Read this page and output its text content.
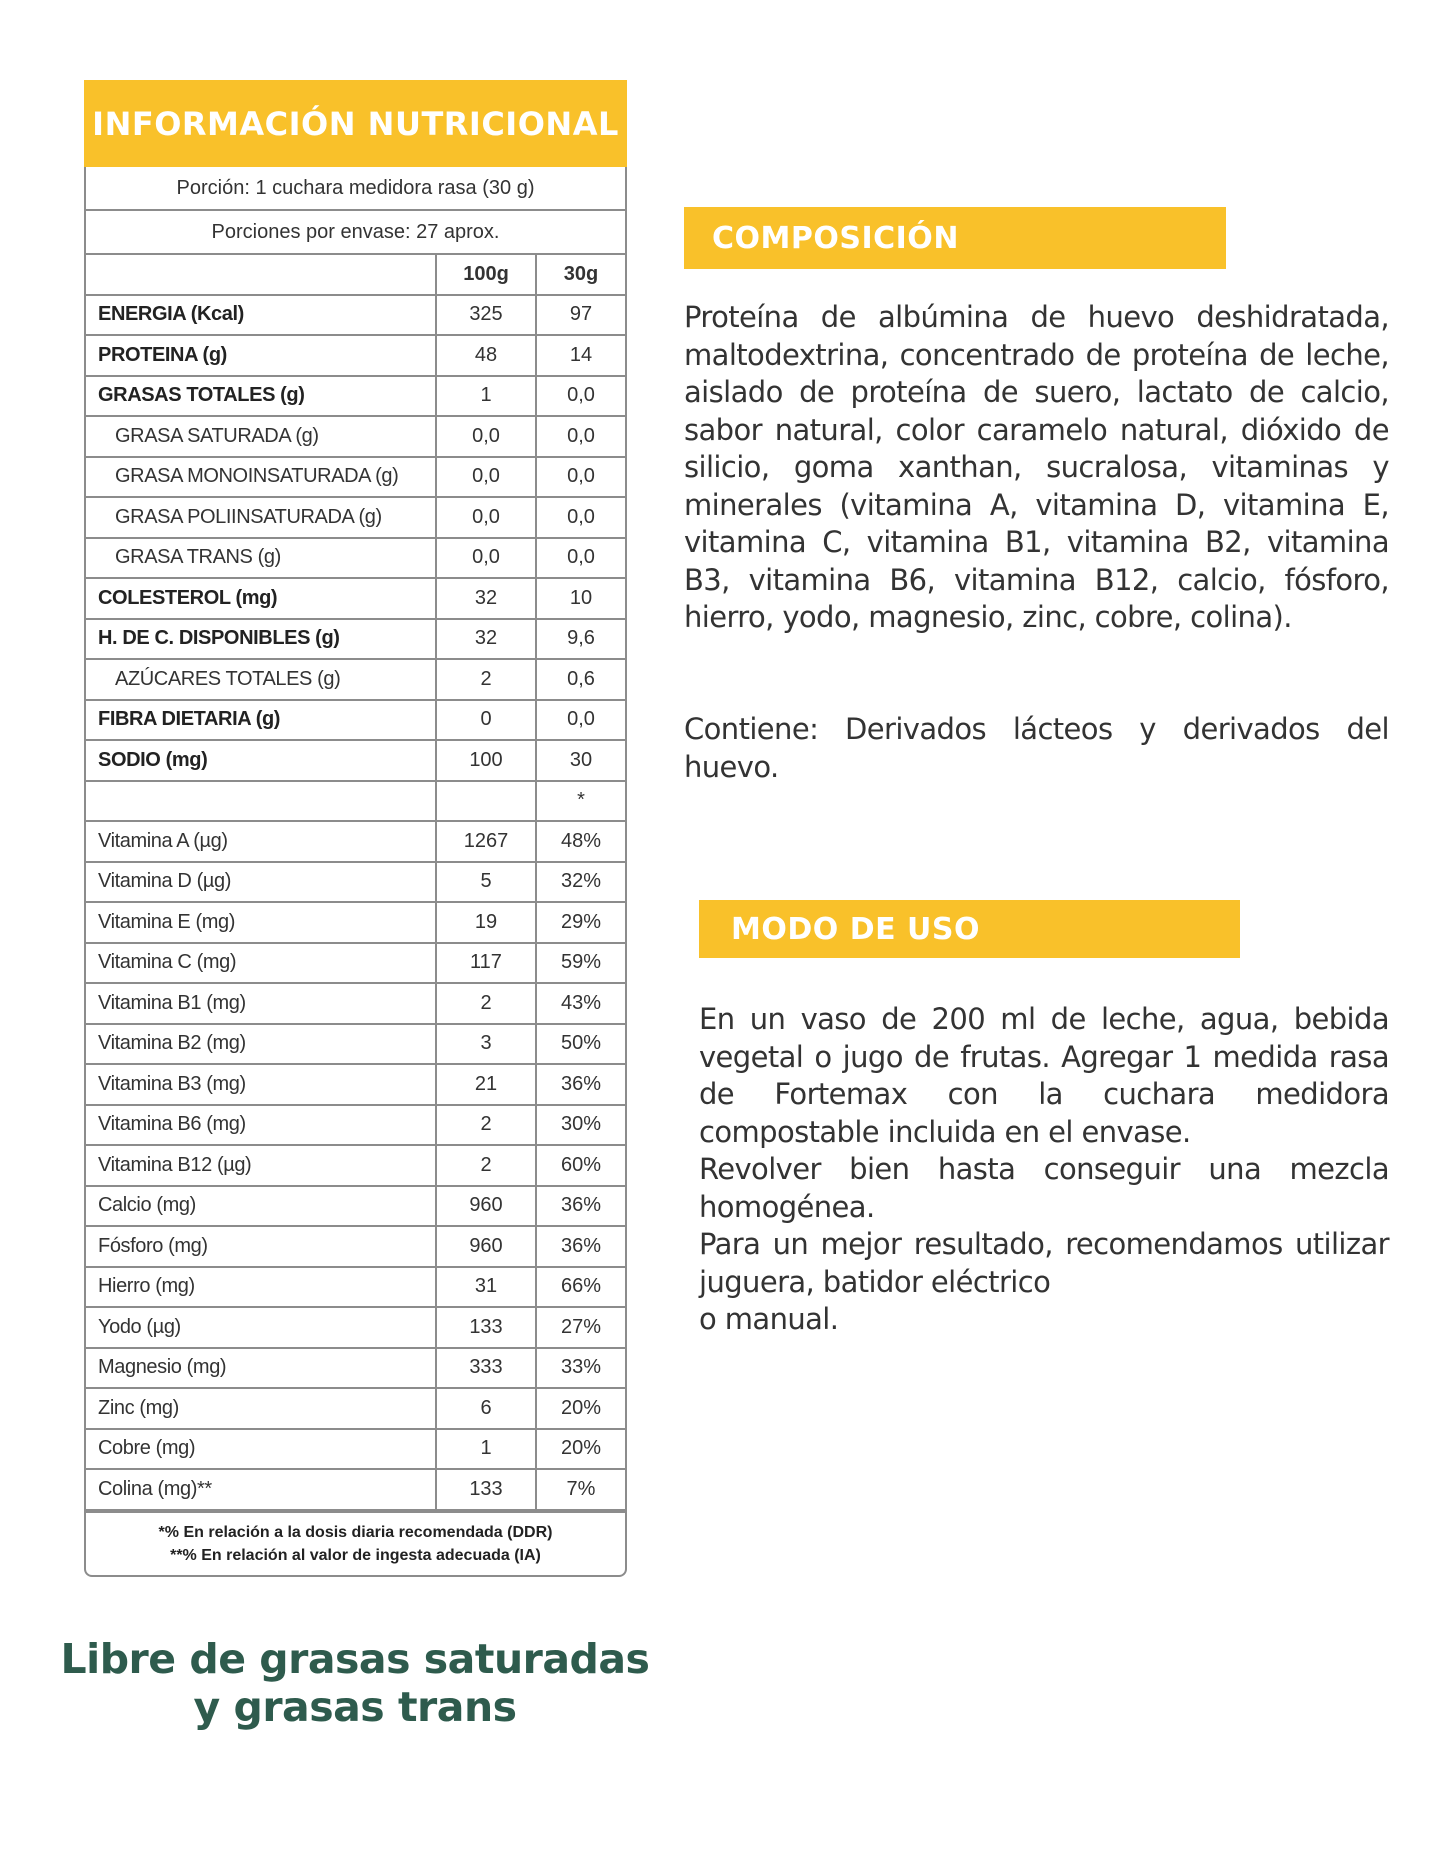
INFORMACIÓN NUTRICIONAL
Porción: 1 cuchara medidora rasa (30 g)
Porciones por envase: 27 aprox.
	100g	30g
ENERGIA (Kcal)	325	97
PROTEINA (g)	48	14
GRASAS TOTALES (g)	1	0,0
GRASA SATURADA (g)	0,0	0,0
GRASA MONOINSATURADA (g)	0,0	0,0
GRASA POLIINSATURADA (g)	0,0	0,0
GRASA TRANS (g)	0,0	0,0
COLESTEROL (mg)	32	10
H. DE C. DISPONIBLES (g)	32	9,6
AZÚCARES TOTALES (g)	2	0,6
FIBRA DIETARIA (g)	0	0,0
SODIO (mg)	100	30
		*
Vitamina A (µg)	1267	48%
Vitamina D (µg)	5	32%
Vitamina E (mg)	19	29%
Vitamina C (mg)	117	59%
Vitamina B1 (mg)	2	43%
Vitamina B2 (mg)	3	50%
Vitamina B3 (mg)	21	36%
Vitamina B6 (mg)	2	30%
Vitamina B12 (µg)	2	60%
Calcio (mg)	960	36%
Fósforo (mg)	960	36%
Hierro (mg)	31	66%
Yodo (µg)	133	27%
Magnesio (mg)	333	33%
Zinc (mg)	6	20%
Cobre (mg)	1	20%
Colina (mg)**	133	7%
*% En relación a la dosis diaria recomendada (DDR)
**% En relación al valor de ingesta adecuada (IA)
Libre de grasas saturadas
y grasas trans
COMPOSICIÓN
Proteína de albúmina de huevo deshidratada, maltodextrina, concentrado de proteína de leche, aislado de proteína de suero, lactato de calcio, sabor natural, color caramelo natural, dióxido de silicio, goma xanthan, sucralosa, vitaminas y minerales (vitamina A, vitamina D, vitamina E, vitamina C, vitamina B1, vitamina B2, vitamina B3, vitamina B6, vitamina B12, calcio, fósforo, hierro, yodo, magnesio, zinc, cobre, colina).
Contiene: Derivados lácteos y derivados del huevo.
MODO DE USO
En un vaso de 200 ml de leche, agua, bebida vegetal o jugo de frutas. Agregar 1 medida rasa de Fortemax con la cuchara medidora compostable incluida en el envase.
Revolver bien hasta conseguir una mezcla homogénea.
Para un mejor resultado, recomendamos utilizar juguera, batidor eléctrico
o manual.
